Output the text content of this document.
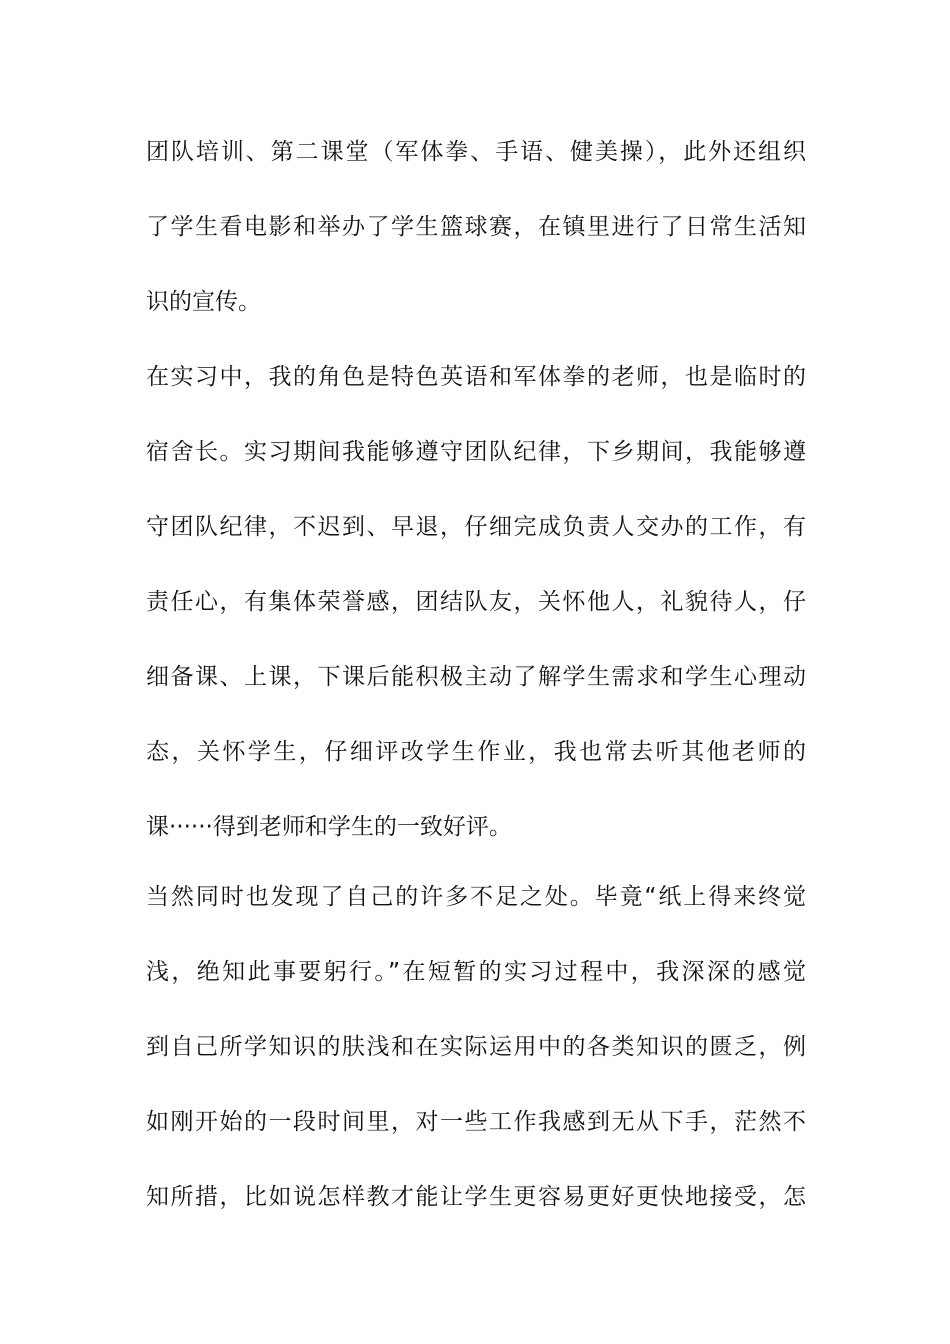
团队培训、第二课堂（军体拳、手语、健美操），此外还组织
了学生看电影和举办了学生篮球赛，在镇里进行了日常生活知
识的宣传。
在实习中，我的角色是特色英语和军体拳的老师，也是临时的
宿舍长。实习期间我能够遵守团队纪律，下乡期间，我能够遵
守团队纪律，不迟到、早退，仔细完成负责人交办的工作，有
责任心，有集体荣誉感，团结队友，关怀他人，礼貌待人，仔
细备课、上课，下课后能积极主动了解学生需求和学生心理动
态，关怀学生，仔细评改学生作业，我也常去听其他老师的
课······得到老师和学生的一致好评。
当然同时也发现了自己的许多不足之处。毕竟“纸上得来终觉
浅，绝知此事要躬行。”在短暂的实习过程中，我深深的感觉
到自己所学知识的肤浅和在实际运用中的各类知识的匮乏，例
如刚开始的一段时间里，对一些工作我感到无从下手，茫然不
知所措，比如说怎样教才能让学生更容易更好更快地接受，怎
